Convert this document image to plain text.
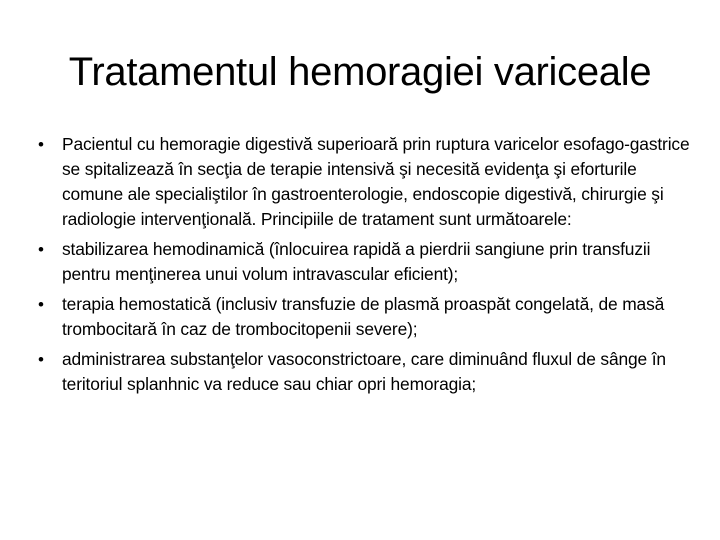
Tratamentul hemoragiei variceale
• Pacientul cu hemoragie digestivă superioară prin ruptura varicelor esofago-gastrice se spitalizează în secţia de terapie intensivă şi necesită evidenţa şi eforturile comune ale specialiştilor în gastroenterologie, endoscopie digestivă, chirurgie şi radiologie intervenţională. Principiile de tratament sunt următoarele:
• stabilizarea hemodinamică (înlocuirea rapidă a pierdrii sangiune prin transfuzii pentru menţinerea unui volum intravascular eficient);
• terapia hemostatică (inclusiv transfuzie de plasmă proaspăt congelată, de masă trombocitară în caz de trombocitopenii severe);
• administrarea substanţelor vasoconstrictoare, care diminuând fluxul de sânge în teritoriul splanhnic va reduce sau chiar opri hemoragia;
